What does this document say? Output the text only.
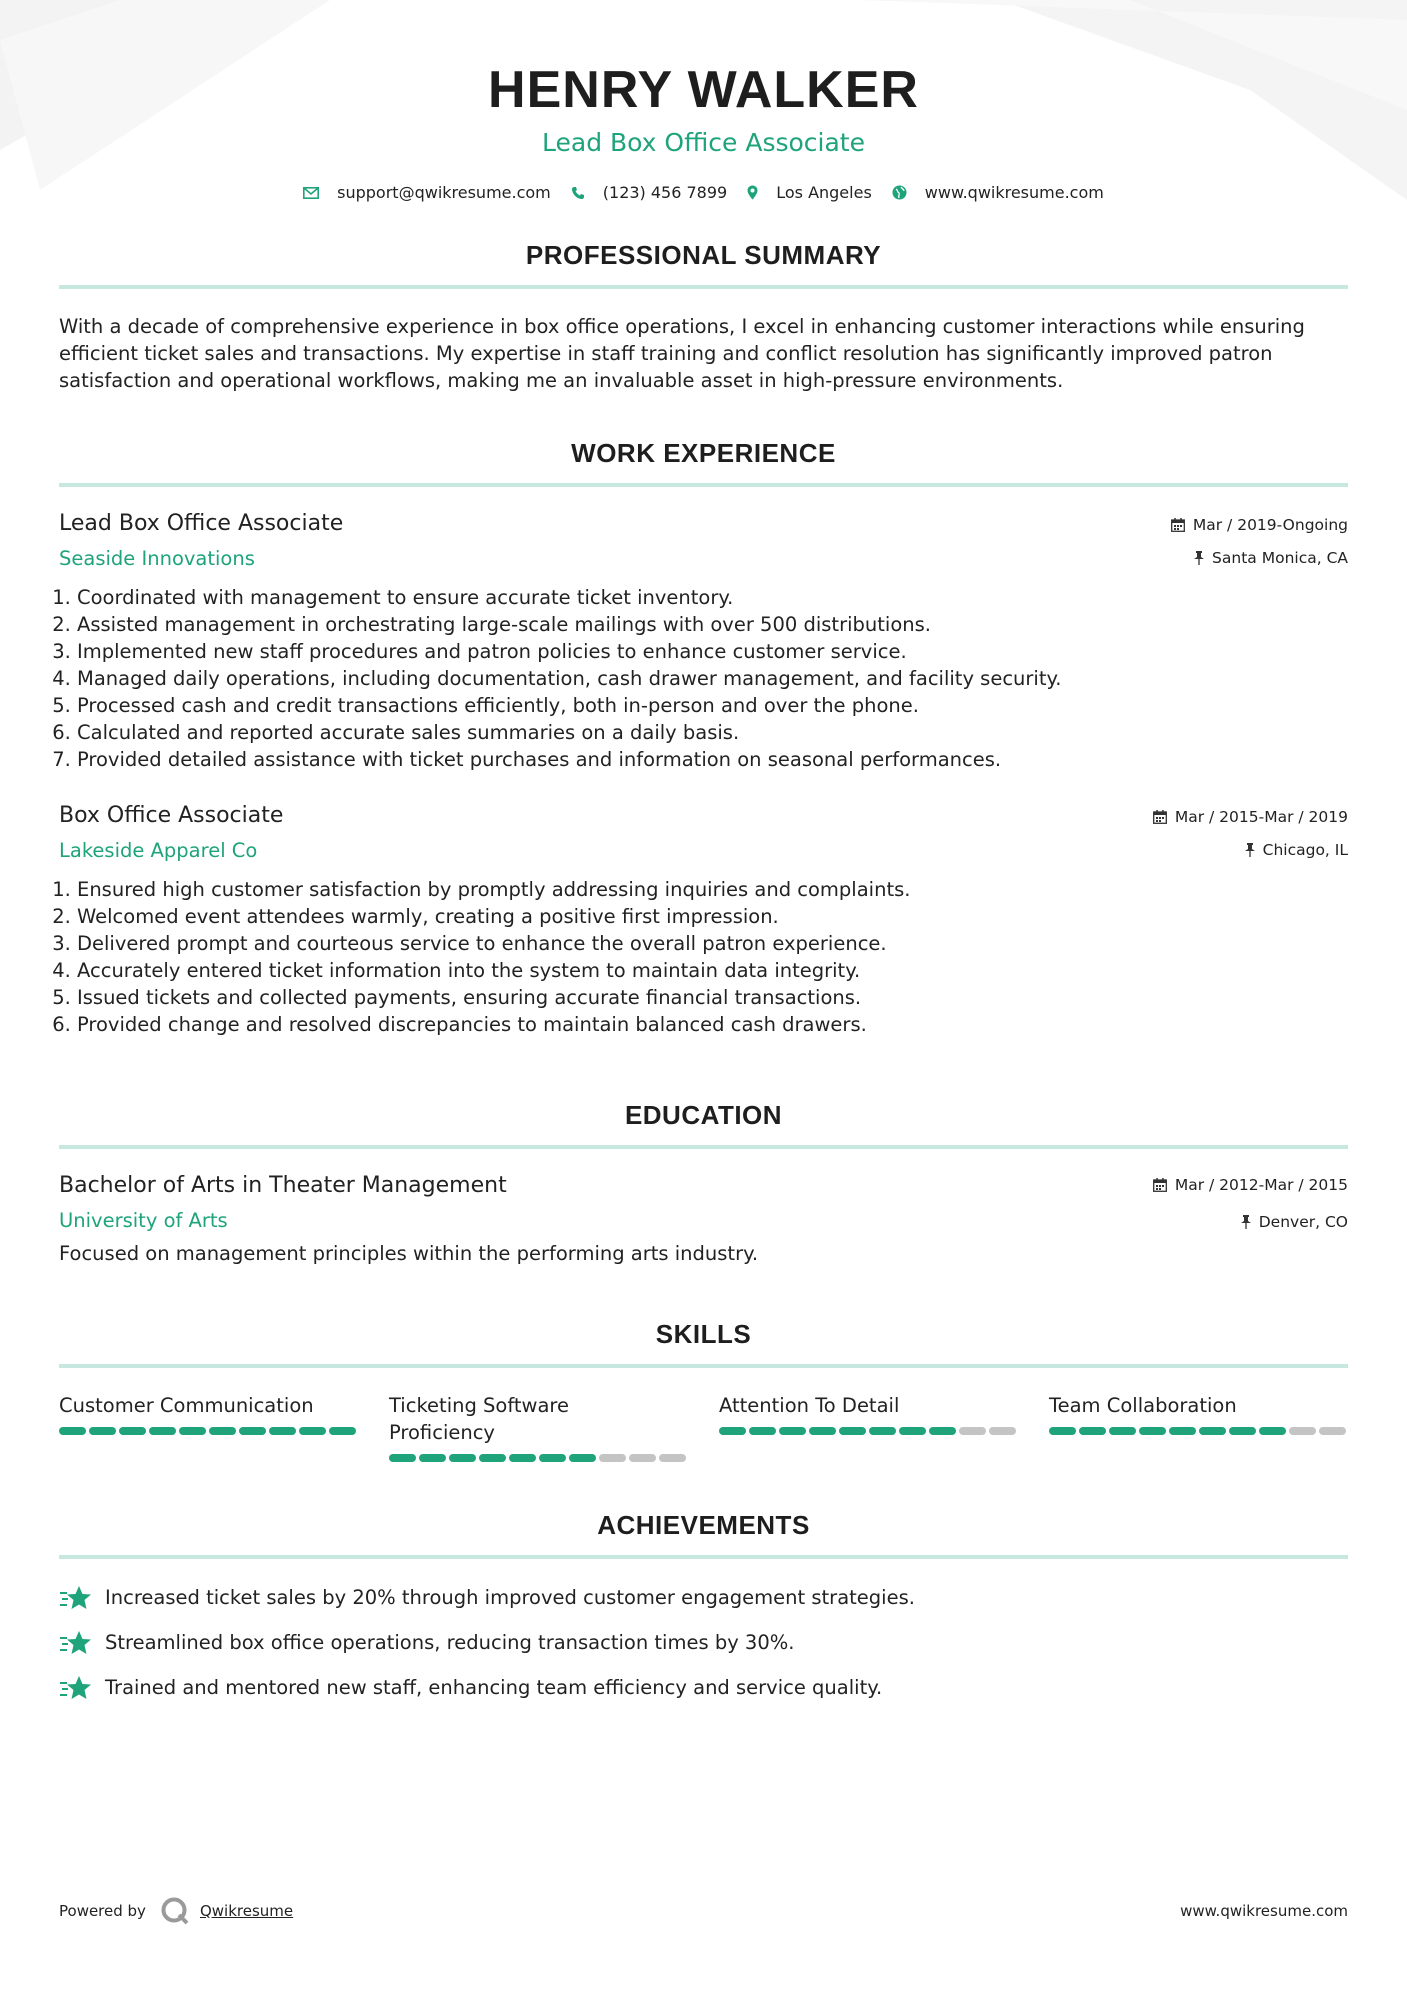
HENRY WALKER
Lead Box Office Associate
support@qwikresume.com	(123) 456 7899	Los Angeles	www.qwikresume.com
PROFESSIONAL SUMMARY
With a decade of comprehensive experience in box office operations, I excel in enhancing customer interactions while ensuring efficient ticket sales and transactions. My expertise in staff training and conflict resolution has significantly improved patron satisfaction and operational workflows, making me an invaluable asset in high-pressure environments.
WORK EXPERIENCE
Lead Box Office Associate
Seaside Innovations
Mar / 2019-Ongoing
Santa Monica, CA
1. Coordinated with management to ensure accurate ticket inventory.
2. Assisted management in orchestrating large-scale mailings with over 500 distributions.
3. Implemented new staff procedures and patron policies to enhance customer service.
4. Managed daily operations, including documentation, cash drawer management, and facility security.
5. Processed cash and credit transactions efficiently, both in-person and over the phone.
6. Calculated and reported accurate sales summaries on a daily basis.
7. Provided detailed assistance with ticket purchases and information on seasonal performances.
Box Office Associate
Lakeside Apparel Co
Mar / 2015-Mar / 2019
Chicago, IL
1. Ensured high customer satisfaction by promptly addressing inquiries and complaints.
2. Welcomed event attendees warmly, creating a positive first impression.
3. Delivered prompt and courteous service to enhance the overall patron experience.
4. Accurately entered ticket information into the system to maintain data integrity.
5. Issued tickets and collected payments, ensuring accurate financial transactions.
6. Provided change and resolved discrepancies to maintain balanced cash drawers.
EDUCATION
Bachelor of Arts in Theater Management
University of Arts
Mar / 2012-Mar / 2015
Denver, CO
Focused on management principles within the performing arts industry.
SKILLS
Customer Communication	Ticketing Software Proficiency
Attention To Detail	Team Collaboration
ACHIEVEMENTS
Increased ticket sales by 20% through improved customer engagement strategies.
Streamlined box office operations, reducing transaction times by 30%.
Trained and mentored new staff, enhancing team efficiency and service quality.
Powered by	Qwikresume	www.qwikresume.com
